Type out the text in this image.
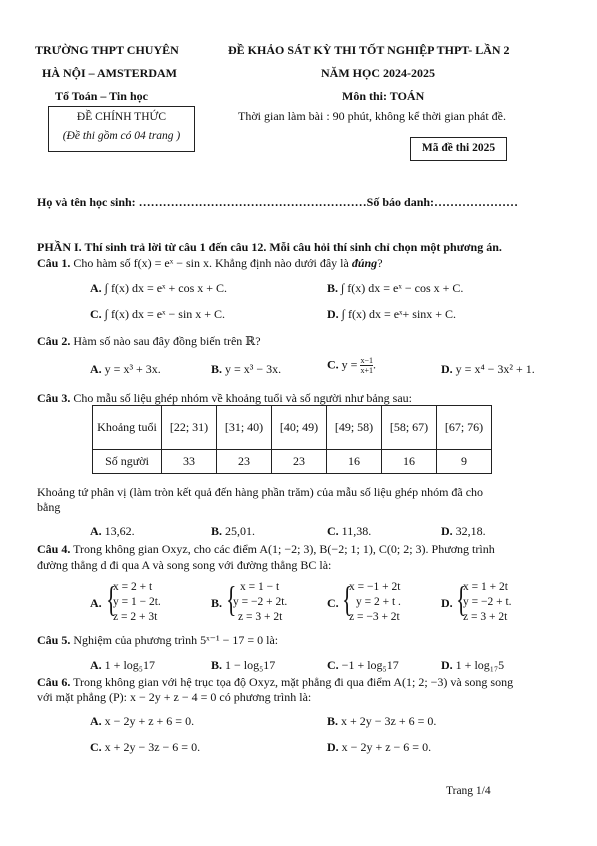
TRƯỜNG THPT CHUYÊN
HÀ NỘI – AMSTERDAM
Tổ Toán – Tin học
ĐỀ CHÍNH THỨC
(Đề thi gồm có 04 trang )
ĐỀ KHẢO SÁT KỲ THI TỐT NGHIỆP THPT- LẦN 2
NĂM HỌC 2024-2025
Môn thi: TOÁN
Thời gian làm bài : 90 phút, không kể thời gian phát đề.
Mã đề thi 2025
Họ và tên học sinh: …………………………………………………Số báo danh:…………………
PHẦN I. Thí sinh trả lời từ câu 1 đến câu 12. Mỗi câu hỏi thí sinh chỉ chọn một phương án.
Câu 1. Cho hàm số f(x) = eˣ − sin x. Khẳng định nào dưới đây là đúng?
A. ∫ f(x) dx = eˣ + cos x + C.	B. ∫ f(x) dx = eˣ − cos x + C.
C. ∫ f(x) dx = eˣ − sin x + C.	D. ∫ f(x) dx = eˣ+ sinx + C.
Câu 2. Hàm số nào sau đây đồng biến trên ℝ?
A. y = x³ + 3x.	B. y = x³ − 3x.	C. $y = \frac{x-1}{x+1}$ .	D. y = x⁴ − 3x² + 1.
Câu 3. Cho mẫu số liệu ghép nhóm về khoảng tuổi và số người như bảng sau:
Khoảng tuổi	[22; 31)	[31; 40)	[40; 49)	[49; 58)	[58; 67)	[67; 76)
Số người	33	23	23	16	16	9
Khoảng tứ phân vị (làm tròn kết quả đến hàng phần trăm) của mẫu số liệu ghép nhóm đã cho
bằng
A. 13,62.	B. 25,01.	C. 11,38.	D. 32,18.
Câu 4. Trong không gian Oxyz, cho các điểm A(1; −2; 3), B(−2; 1; 1), C(0; 2; 3). Phương trình
đường thẳng d đi qua A và song song với đường thẳng BC là:
A. {
x = 2 + t
y = 1 − 2t.
z = 2 + 3t
B. { x = 1 − t
y = −2 + 2t.
z = 3 + 2t
C. {
x = −1 + 2t
y = 2 + t .
z = −3 + 2t
D. {
x = 1 + 2t
y = −2 + t.
z = 3 + 2t
Câu 5. Nghiệm của phương trình 5ˣ⁻¹ − 17 = 0 là:
A. 1 + log₅17	B. 1 − log₅17	C. −1 + log₅17	D. 1 + log₁₇5
Câu 6. Trong không gian với hệ trục tọa độ Oxyz, mặt phẳng đi qua điểm A(1; 2; −3) và song song
với mặt phẳng (P): x − 2y + z − 4 = 0 có phương trình là:
A. x − 2y + z + 6 = 0.	B. x + 2y − 3z + 6 = 0.
C. x + 2y − 3z − 6 = 0.	D. x − 2y + z − 6 = 0.
Trang 1/4
